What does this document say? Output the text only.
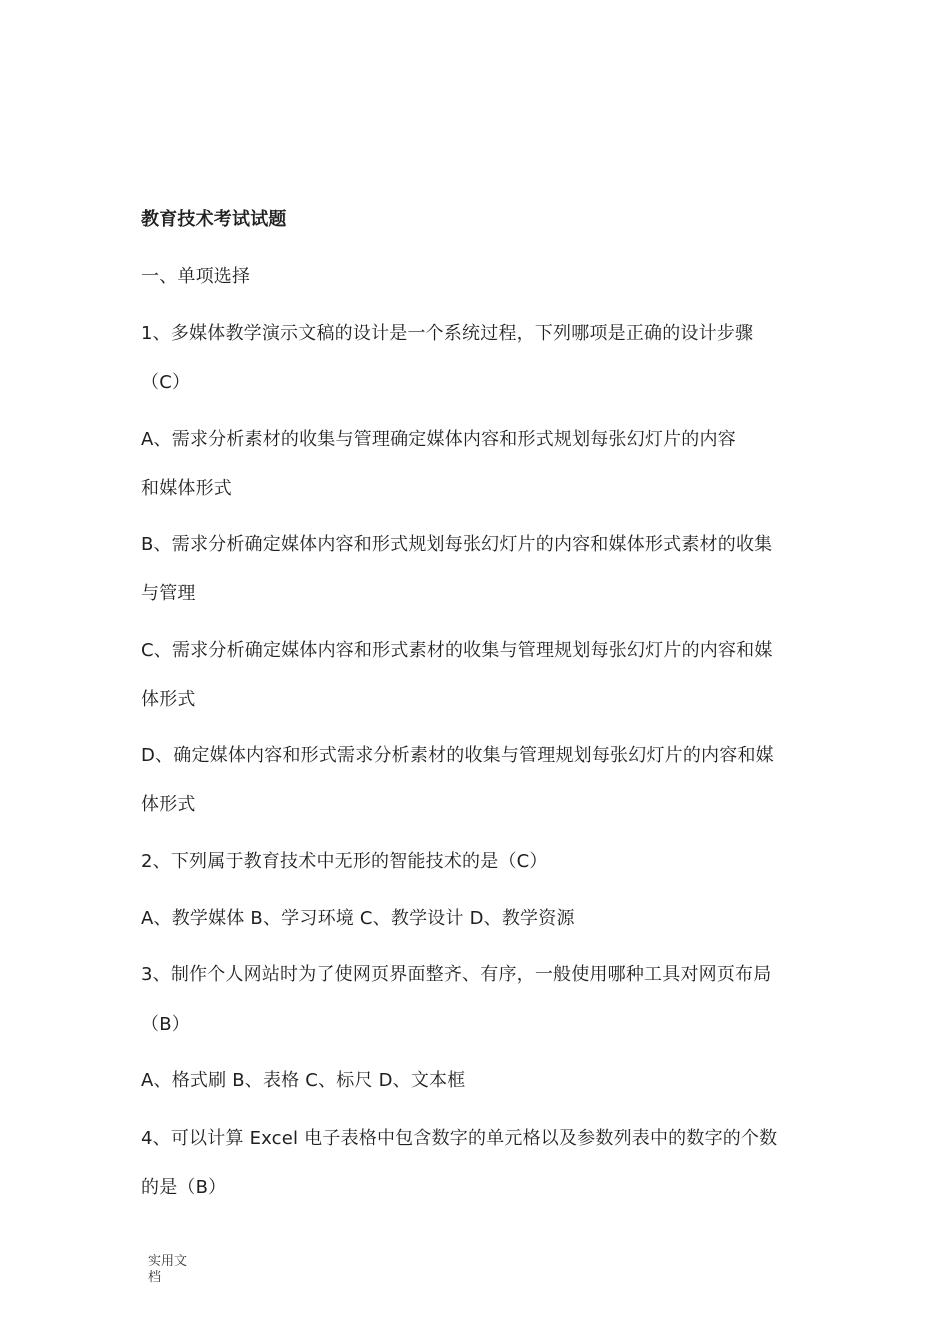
教育技术考试试题
一、单项选择
1、多媒体教学演示文稿的设计是一个系统过程，下列哪项是正确的设计步骤
（C）
A、需求分析素材的收集与管理确定媒体内容和形式规划每张幻灯片的内容
和媒体形式
B、需求分析确定媒体内容和形式规划每张幻灯片的内容和媒体形式素材的收集
与管理
C、需求分析确定媒体内容和形式素材的收集与管理规划每张幻灯片的内容和媒
体形式
D、确定媒体内容和形式需求分析素材的收集与管理规划每张幻灯片的内容和媒
体形式
2、下列属于教育技术中无形的智能技术的是（C）
A、教学媒体 B、学习环境 C、教学设计 D、教学资源
3、制作个人网站时为了使网页界面整齐、有序，一般使用哪种工具对网页布局
（B）
A、格式刷 B、表格 C、标尺 D、文本框
4、可以计算 Excel 电子表格中包含数字的单元格以及参数列表中的数字的个数
的是（B）
实用文
档
